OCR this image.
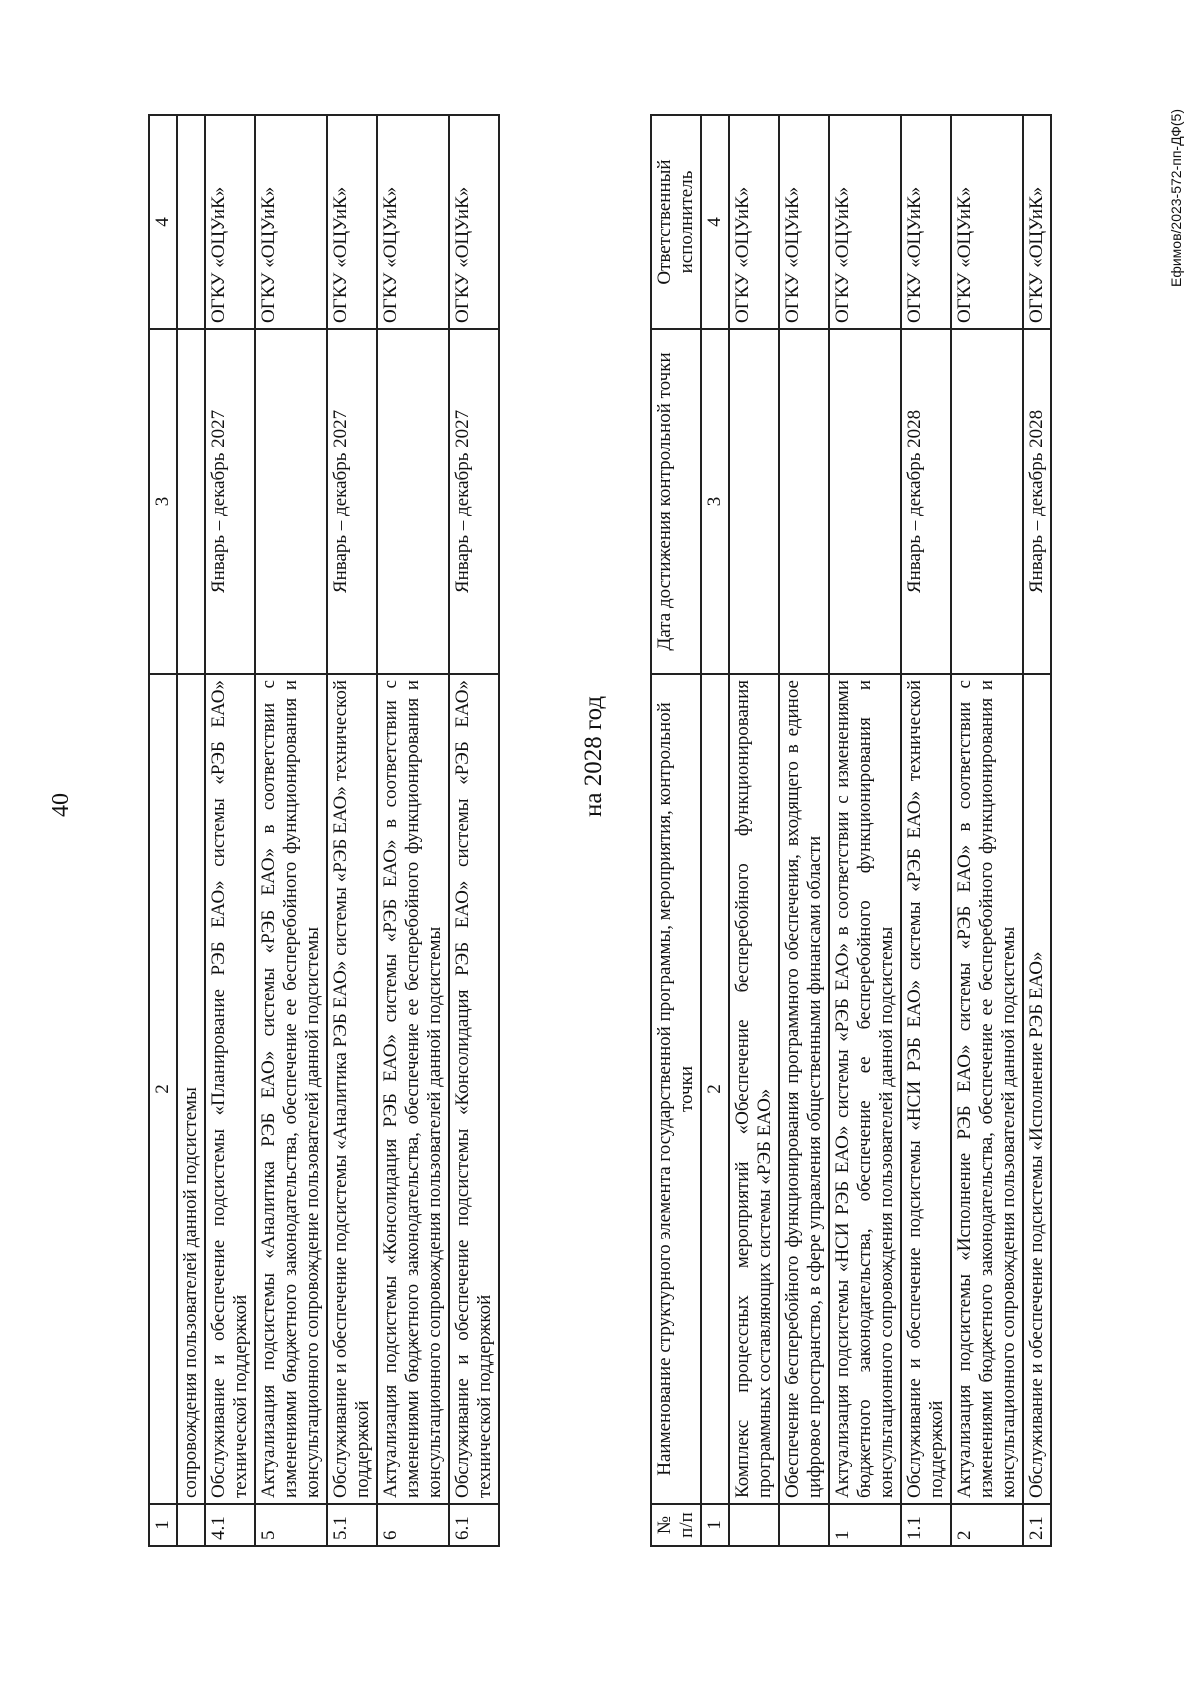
40
1	2	3	4
	сопровождения пользователей данной подсистемы		
4.1	Обслуживание и обеспечение подсистемы «Планирование РЭБ ЕАО» системы «РЭБ ЕАО» технической поддержкой	Январь – декабрь 2027	ОГКУ «ОЦУиК»
5	Актуализация подсистемы «Аналитика РЭБ ЕАО» системы «РЭБ ЕАО» в соответствии с изменениями бюджетного законодательства, обеспечение ее бесперебойного функционирования и консультационного сопровождение пользователей данной подсистемы		ОГКУ «ОЦУиК»
5.1	Обслуживание и обеспечение подсистемы «Аналитика РЭБ ЕАО» системы «РЭБ ЕАО» технической поддержкой	Январь – декабрь 2027	ОГКУ «ОЦУиК»
6	Актуализация подсистемы «Консолидация РЭБ ЕАО» системы «РЭБ ЕАО» в соответствии с изменениями бюджетного законодательства, обеспечение ее бесперебойного функционирования и консультационного сопровождения пользователей данной подсистемы		ОГКУ «ОЦУиК»
6.1	Обслуживание и обеспечение подсистемы «Консолидация РЭБ ЕАО» системы «РЭБ ЕАО» технической поддержкой	Январь – декабрь 2027	ОГКУ «ОЦУиК»
на 2028 год
№ п/п	Наименование структурного элемента государственной программы, мероприятия, контрольной точки	Дата достижения контрольной точки	Ответственный исполнитель
1	2	3	4
	Комплекс процессных мероприятий «Обеспечение бесперебойного функционирования программных составляющих системы «РЭБ ЕАО»		ОГКУ «ОЦУиК»
	Обеспечение бесперебойного функционирования программного обеспечения, входящего в единое цифровое пространство, в сфере управления общественными финансами области		ОГКУ «ОЦУиК»
1	Актуализация подсистемы «НСИ РЭБ ЕАО» системы «РЭБ ЕАО» в соответствии с изменениями бюджетного законодательства, обеспечение ее бесперебойного функционирования и консультационного сопровождения пользователей данной подсистемы		ОГКУ «ОЦУиК»
1.1	Обслуживание и обеспечение подсистемы «НСИ РЭБ ЕАО» системы «РЭБ ЕАО» технической поддержкой	Январь – декабрь 2028	ОГКУ «ОЦУиК»
2	Актуализация подсистемы «Исполнение РЭБ ЕАО» системы «РЭБ ЕАО» в соответствии с изменениями бюджетного законодательства, обеспечение ее бесперебойного функционирования и консультационного сопровождения пользователей данной подсистемы		ОГКУ «ОЦУиК»
2.1	Обслуживание и обеспечение подсистемы «Исполнение РЭБ ЕАО»	Январь – декабрь 2028	ОГКУ «ОЦУиК»	Ефимов/2023-572-пп-ДФ(5)
